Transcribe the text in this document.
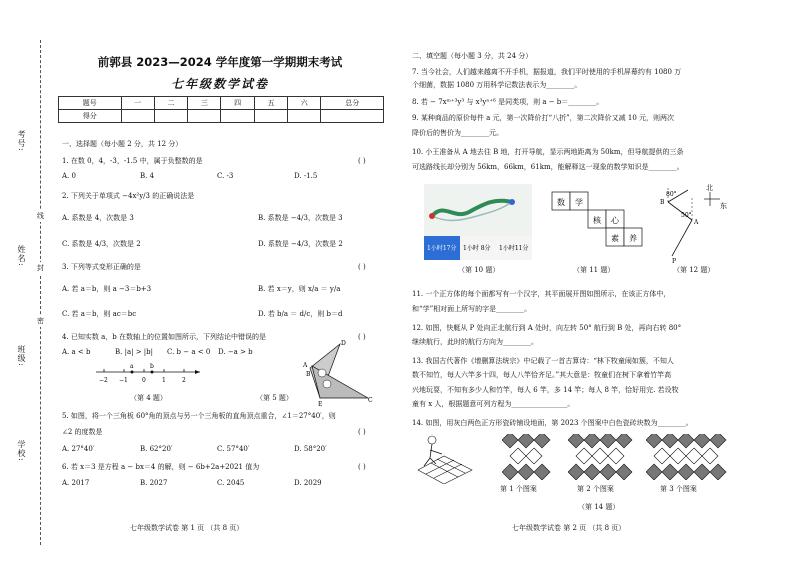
考号:
姓名:
班级:
学校:
线
封
密
前郭县 2023—2024 学年度第一学期期末考试
七年级数学试卷
题号	一	二	三	四	五	六	总分
得分							
一、选择题（每小题 2 分，共 12 分）
1. 在数 0，4，-3，-1.5 中，属于负整数的是	( )
A. 0	B. 4	C. -3	D. -1.5
2. 下列关于单项式 −4x²y/3 的正确说法是
A. 系数是 4，次数是 3	B. 系数是 −4/3，次数是 3
C. 系数是 4/3，次数是 2	D. 系数是 −4/3，次数是 2
3. 下列等式变形正确的是	( )
A. 若 a＝b，则 a −3＝b+3	B. 若 x＝y，则 x/a ＝ y/a
C. 若 a＝b，则 ac＝bc	D. 若 b/a ＝ d/c，则 b＝d
4. 已知实数 a，b 在数轴上的位置如图所示，下列结论中错误的是	( )
A. a < b	B. |a| > |b| C. b − a < 0 D. −a > b
a	b
−2 −1 0	1	2
（第 4 题）
D
A
B
C
E
（第 5 题）
5. 如图，将一个三角板 60°角的顶点与另一个三角板的直角顶点重合，∠1＝27°40′，则
∠2 的度数是	( )
A. 27°40′	B. 62°20′	C. 57°40′	D. 58°20′
6. 若 x＝3 是方程 a − bx＝4 的解，则 − 6b+2a+2021 值为	( )
A. 2017	B. 2027	C. 2045	D. 2029
七年级数学试卷 第 1 页 （共 8 页）
二、填空题（每小题 3 分，共 24 分）
7. 当今社会，人们越来越离不开手机，据报道，我们平时使用的手机屏幕约有 1080 万
个细菌，数据 1080 万用科学记数法表示为________。
8. 若 − 7xᵐ⁺³y³ 与 x³yⁿ⁺⁶ 是同类项，则 a − b＝________。
9. 某种商品的原价每件 a 元，第一次降价打“八折”，第二次降价又减 10 元，则两次
降价后的售价为________元。
10. 小王准备从 A 地去往 B 地，打开导航，显示两地距离为 50km，但导航提供的三条
可选路线长却分别为 56km，66km，61km，能解释这一现象的数学知识是________。
1小时17分 1小时 8分 1小时11分
（第 10 题）
数 学
核 心
素 养
（第 11 题）
北
东
B
80°
50°
A
P
（第 12 题）
11. 一个正方体的每个面都写有一个汉字，其平面展开图如图所示，在该正方体中，
和“学”相对面上所写的字是________。
12. 如图，快艇从 P 处向正北航行到 A 处时，向左转 50° 航行到 B 处，再向右转 80°
继续航行，此时的航行方向为________。
13. 我国古代著作《增删算法统宗》中记载了一首古算诗：“林下牧童闹如簇，不知人
数不知竹，每人六竿多十四，每人八竿恰齐足。”其大意是：牧童们在树下拿着竹竿高
兴地玩耍，不知有多少人和竹竿，每人 6 竿，多 14 竿；每人 8 竿，恰好用完. 若设牧
童有 x 人，根据题意可列方程为________________。
14. 如图，用灰白两色正方形瓷砖铺设地面，第 2023 个图案中白色瓷砖块数为________。
第 1 个图案	第 2 个图案	第 3 个图案
（第 14 题）
七年级数学试卷 第 2 页 （共 8 页）
